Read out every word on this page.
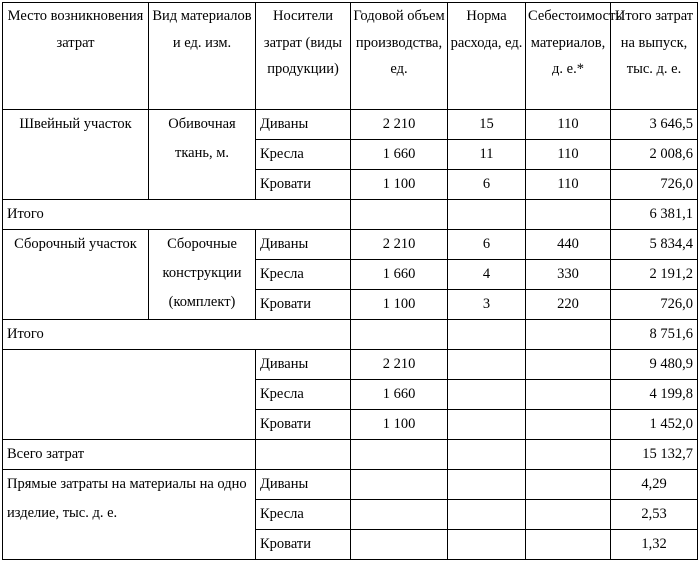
Место возникновения затрат	Вид материалов и ед. изм.	Носители затрат (виды продукции)	Годовой объем производства, ед.	Норма расхода, ед.	Себестоимость материалов, д. е.*	Итого затрат на выпуск, тыс. д. е.
Швейный участок	Обивочная ткань, м.	Диваны	2 210	15	110	3 646,5
		Кресла	1 660	11	110	2 008,6
		Кровати	1 100	6	110	726,0
Итого						6 381,1
Сборочный участок	Сборочные конструкции (комплект)	Диваны	2 210	6	440	5 834,4
		Кресла	1 660	4	330	2 191,2
		Кровати	1 100	3	220	726,0
Итого						8 751,6
		Диваны	2 210			9 480,9
		Кресла	1 660			4 199,8
		Кровати	1 100			1 452,0
Всего затрат						15 132,7
Прямые затраты на материалы на одно изделие, тыс. д. е.		Диваны				4,29
		Кресла				2,53
		Кровати				1,32
